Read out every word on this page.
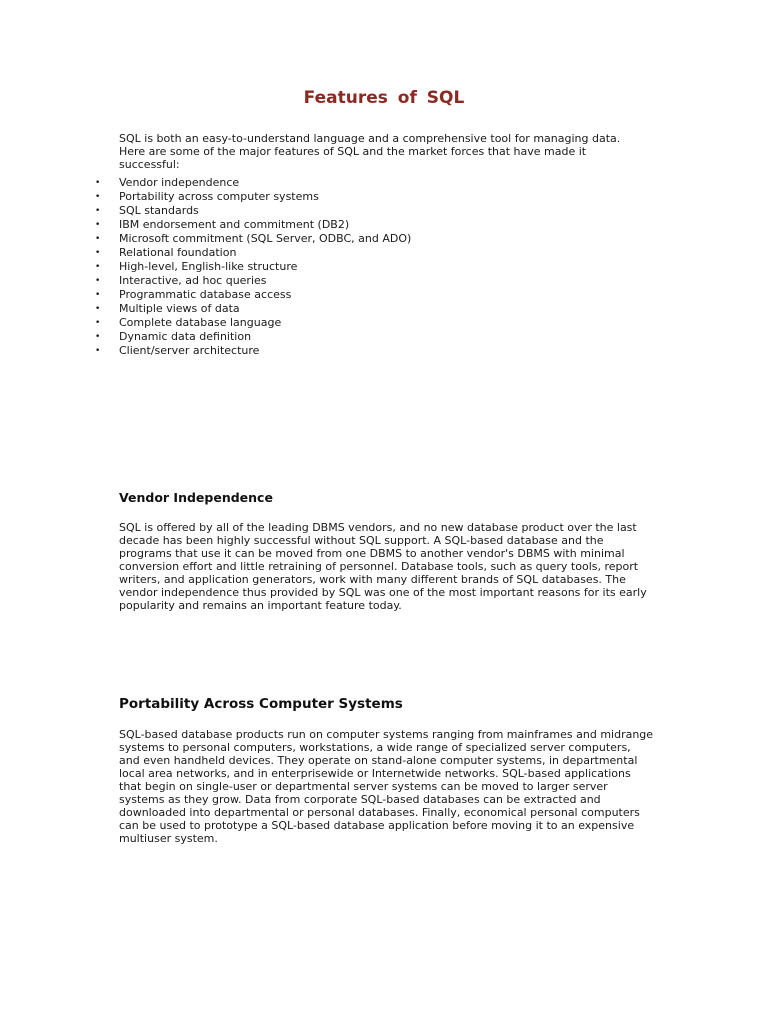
Features of SQL

SQL is both an easy-to-understand language and a comprehensive tool for managing data. Here are some of the major features of SQL and the market forces that have made it successful:

• Vendor independence
• Portability across computer systems
• SQL standards
• IBM endorsement and commitment (DB2)
• Microsoft commitment (SQL Server, ODBC, and ADO)
• Relational foundation
• High-level, English-like structure
• Interactive, ad hoc queries
• Programmatic database access
• Multiple views of data
• Complete database language
• Dynamic data definition
• Client/server architecture
Vendor Independence

SQL is offered by all of the leading DBMS vendors, and no new database product over the last decade has been highly successful without SQL support. A SQL-based database and the programs that use it can be moved from one DBMS to another vendor's DBMS with minimal conversion effort and little retraining of personnel. Database tools, such as query tools, report writers, and application generators, work with many different brands of SQL databases. The vendor independence thus provided by SQL was one of the most important reasons for its early popularity and remains an important feature today.

Portability Across Computer Systems

SQL-based database products run on computer systems ranging from mainframes and midrange systems to personal computers, workstations, a wide range of specialized server computers, and even handheld devices. They operate on stand-alone computer systems, in departmental local area networks, and in enterprisewide or Internetwide networks. SQL-based applications that begin on single-user or departmental server systems can be moved to larger server systems as they grow. Data from corporate SQL-based databases can be extracted and downloaded into departmental or personal databases. Finally, economical personal computers can be used to prototype a SQL-based database application before moving it to an expensive multiuser system.
